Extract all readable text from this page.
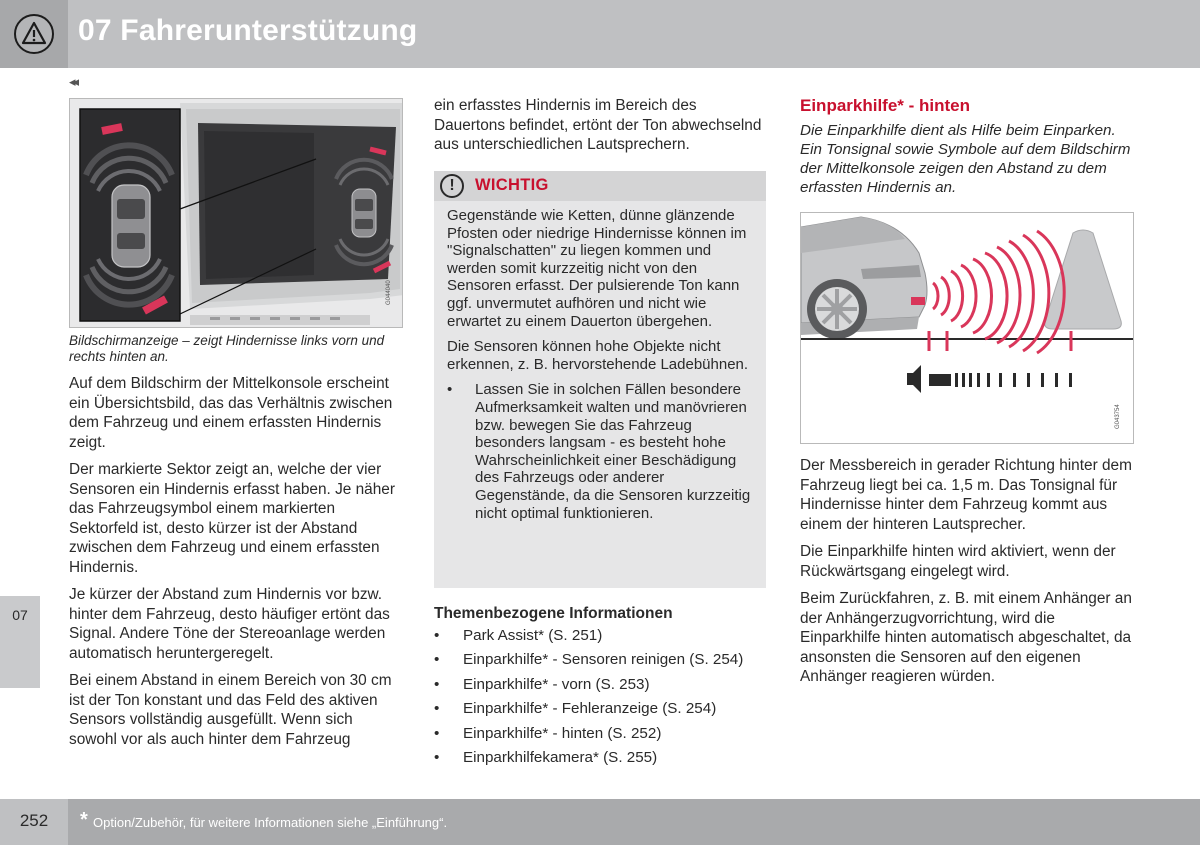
07 Fahrerunterstützung
◂◂
07
G044040
Bildschirmanzeige – zeigt Hindernisse links vorn und rechts hinten an.

Auf dem Bildschirm der Mittelkonsole erscheint ein Übersichtsbild, das das Verhältnis zwischen dem Fahrzeug und einem erfassten Hindernis zeigt.

Der markierte Sektor zeigt an, welche der vier Sensoren ein Hindernis erfasst haben. Je näher das Fahrzeugsymbol einem markierten Sektorfeld ist, desto kürzer ist der Abstand zwischen dem Fahrzeug und einem erfassten Hindernis.

Je kürzer der Abstand zum Hindernis vor bzw. hinter dem Fahrzeug, desto häufiger ertönt das Signal. Andere Töne der Stereoanlage werden automatisch heruntergeregelt.

Bei einem Abstand in einem Bereich von 30 cm ist der Ton konstant und das Feld des aktiven Sensors vollständig ausgefüllt. Wenn sich sowohl vor als auch hinter dem Fahrzeug

ein erfasstes Hindernis im Bereich des Dauertons befindet, ertönt der Ton abwechselnd aus unterschiedlichen Lautsprechern.

!	WICHTIG

Gegenstände wie Ketten, dünne glänzende Pfosten oder niedrige Hindernisse können im "Signalschatten" zu liegen kommen und werden somit kurzzeitig nicht von den Sensoren erfasst. Der pulsierende Ton kann ggf. unvermutet aufhören und nicht wie erwartet zu einem Dauerton übergehen.

Die Sensoren können hohe Objekte nicht erkennen, z. B. hervorstehende Ladebühnen.

• Lassen Sie in solchen Fällen besondere Aufmerksamkeit walten und manövrieren bzw. bewegen Sie das Fahrzeug besonders langsam - es besteht hohe Wahrscheinlichkeit einer Beschädigung des Fahrzeugs oder anderer Gegenstände, da die Sensoren kurzzeitig nicht optimal funktionieren.

Themenbezogene Informationen
• Park Assist* (S. 251)
• Einparkhilfe* - Sensoren reinigen (S. 254)
• Einparkhilfe* - vorn (S. 253)
• Einparkhilfe* - Fehleranzeige (S. 254)
• Einparkhilfe* - hinten (S. 252)
• Einparkhilfekamera* (S. 255)
Einparkhilfe* - hinten
Die Einparkhilfe dient als Hilfe beim Einparken. Ein Tonsignal sowie Symbole auf dem Bildschirm der Mittelkonsole zeigen den Abstand zu dem erfassten Hindernis an.
G043754

Der Messbereich in gerader Richtung hinter dem Fahrzeug liegt bei ca. 1,5 m. Das Tonsignal für Hindernisse hinter dem Fahrzeug kommt aus einem der hinteren Lautsprecher.

Die Einparkhilfe hinten wird aktiviert, wenn der Rückwärtsgang eingelegt wird.

Beim Zurückfahren, z. B. mit einem Anhänger an der Anhängerzugvorrichtung, wird die Einparkhilfe hinten automatisch abgeschaltet, da ansonsten die Sensoren auf den eigenen Anhänger reagieren würden.

252	* Option/Zubehör, für weitere Informationen siehe „Einführung“.
